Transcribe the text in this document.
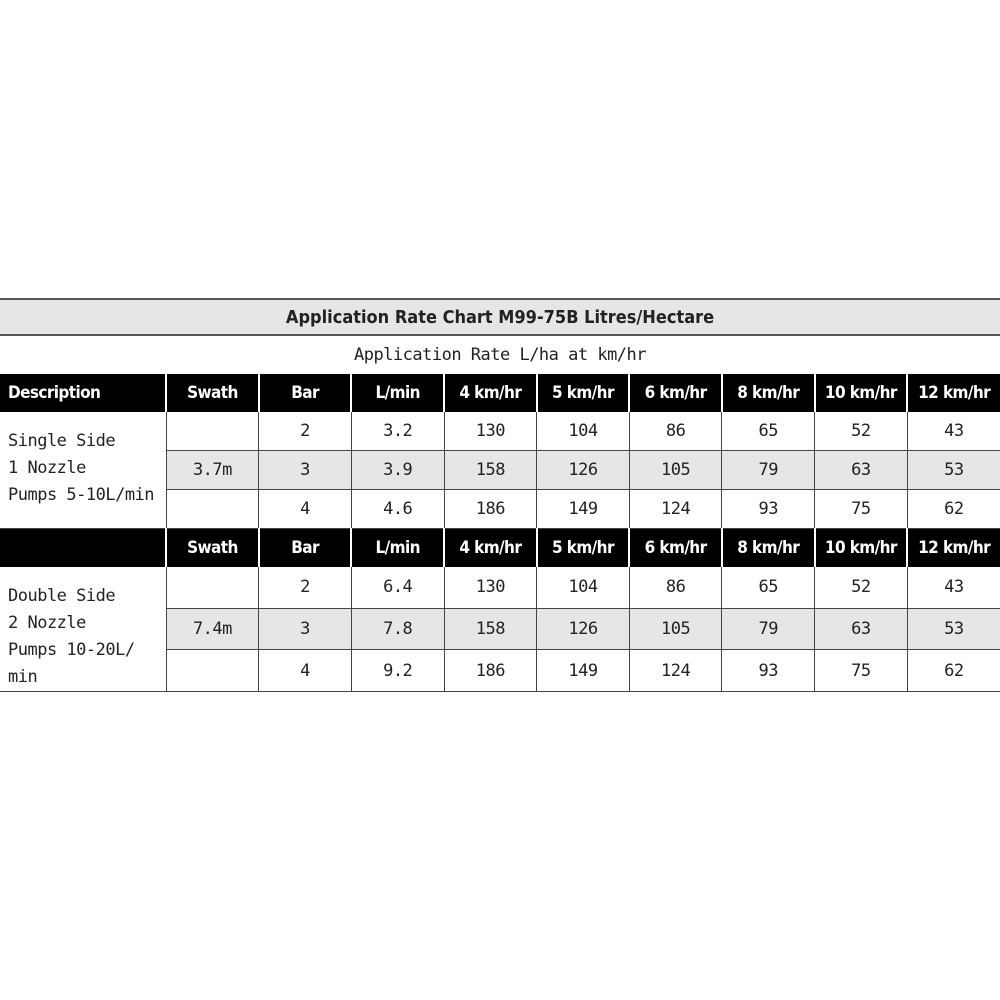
Application Rate Chart M99-75B Litres/Hectare
Application Rate L/ha at km/hr
Description	Swath	Bar	L/min	4 km/hr	5 km/hr	6 km/hr	8 km/hr	10 km/hr	12 km/hr
Single Side
1 Nozzle
Pumps 5-10L/min		2	3.2	130	104	86	65	52	43
	3.7m	3	3.9	158	126	105	79	63	53
		4	4.6	186	149	124	93	75	62
	Swath	Bar	L/min	4 km/hr	5 km/hr	6 km/hr	8 km/hr	10 km/hr	12 km/hr
Double Side
2 Nozzle
Pumps 10-20L/
min		2	6.4	130	104	86	65	52	43
	7.4m	3	7.8	158	126	105	79	63	53
		4	9.2	186	149	124	93	75	62
